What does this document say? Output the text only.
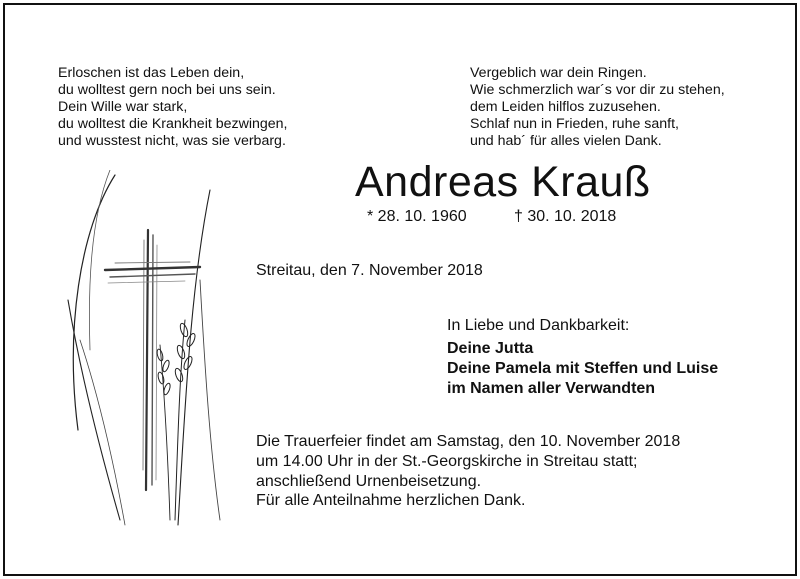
Erloschen ist das Leben dein,
du wolltest gern noch bei uns sein.
Dein Wille war stark,
du wolltest die Krankheit bezwingen,
und wusstest nicht, was sie verbarg.
Vergeblich war dein Ringen.
Wie schmerzlich war´s vor dir zu stehen,
dem Leiden hilflos zuzusehen.
Schlaf nun in Frieden, ruhe sanft,
und hab´ für alles vielen Dank.
Andreas Krauß
* 28. 10. 1960	† 30. 10. 2018
Streitau, den 7. November 2018
In Liebe und Dankbarkeit:
Deine Jutta
Deine Pamela mit Steffen und Luise
im Namen aller Verwandten
Die Trauerfeier findet am Samstag, den 10. November 2018
um 14.00 Uhr in der St.-Georgskirche in Streitau statt;
anschließend Urnenbeisetzung.
Für alle Anteilnahme herzlichen Dank.
